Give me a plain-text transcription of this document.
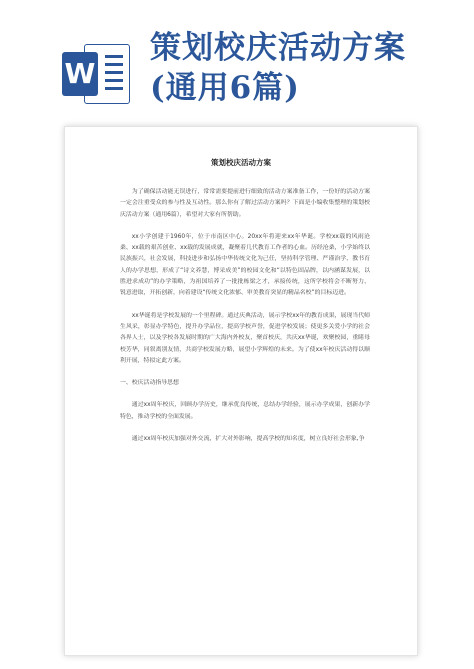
W
策划校庆活动方案
(通用6篇)
策划校庆活动方案

为了确保活动能无误进行，常常需要提前进行细致的活动方案准备工作，一份好的活动方案一定会注重受众的参与性及互动性。那么你有了解过活动方案吗？下面是小编收集整理的策划校庆活动方案（通用6篇），希望对大家有所帮助。

xx小学创建于1960年，位于市南区中心。20xx年将迎来xx年华诞。学校xx载的风雨沧桑、xx载的艰苦创业、xx载的发展成就，凝聚着几代教育工作者的心血。历经沧桑，小学始终以民族振兴，社会发展，科技进步和弘扬中华传统文化为己任，坚持科学管理、严谨治学、教书育人的办学思想，形成了“诗文养慧，博采成美”的校园文化和“以特色固品牌，以内涵谋发展，以胜进求成功”的办学策略，为祖国培养了一批批栋梁之才，承接传统，这所学校将会不断努力、锐意进取，开拓创新，向着建设“传统文化浓郁、审美教育突显的精品名校”的目标迈进。

xx华诞将是学校发展的一个里程碑。通过庆典活动，展示学校xx年的教育成果，展现当代师生风采，彰显办学特色，提升办学品位，提高学校声誉，促进学校发展；使更多关爱小学的社会各界人士，以及学校各发展时期的广大海内外校友，聚首校庆，共庆xx华诞，欢聚校园，重睹母校芳华，同叙离别友情，共商学校发展方略，展望小学辉煌的未来。为了使xx年校庆活动得以顺利开展，特拟定此方案。

一、校庆活动指导思想

通过xx周年校庆，回顾办学历史，继承优良传统，总结办学经验，展示办学成果，创新办学特色，推动学校的全面发展。

通过xx周年校庆加强对外交流，扩大对外影响，提高学校的知名度，树立良好社会形象,争
